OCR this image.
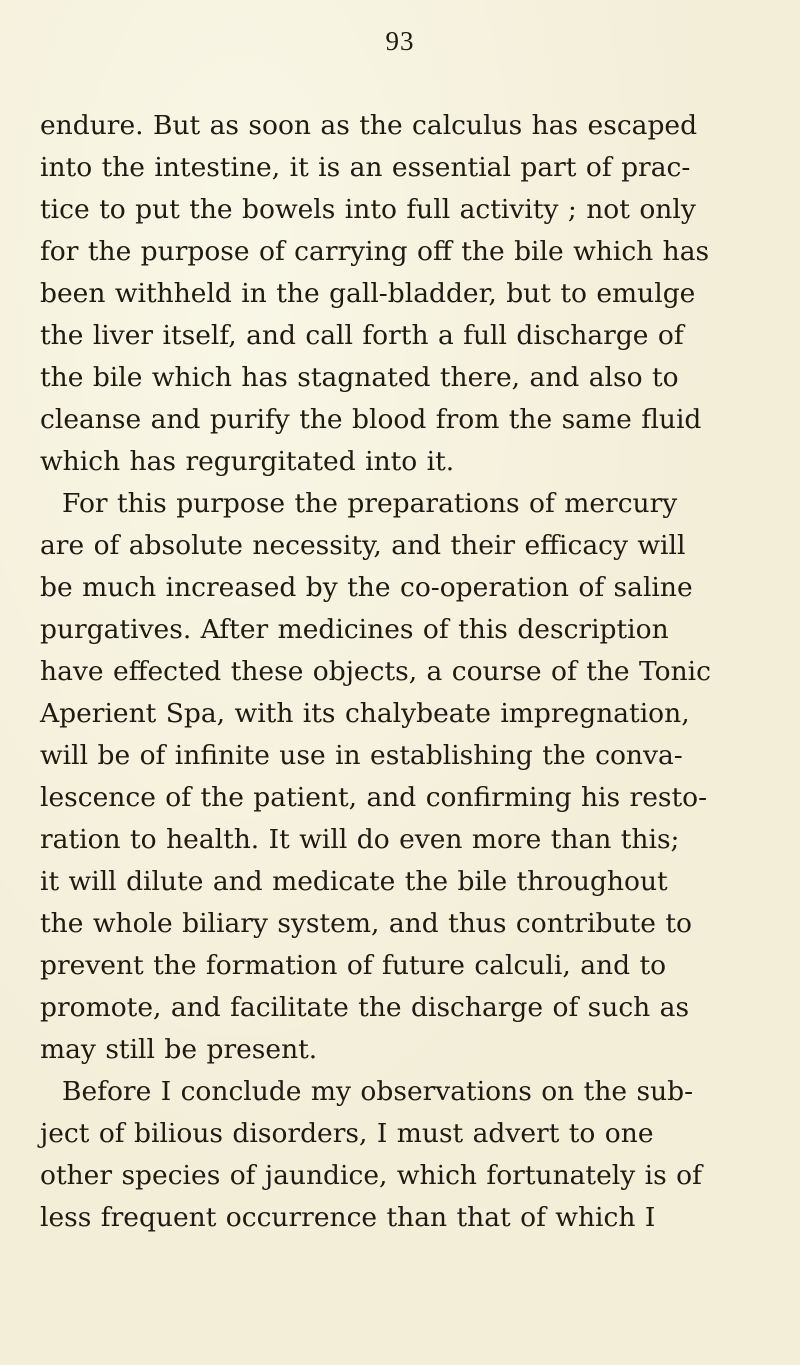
93
endure. But as soon as the calculus has escaped
into the intestine, it is an essential part of prac-
tice to put the bowels into full activity ; not only
for the purpose of carrying off the bile which has
been withheld in the gall-bladder, but to emulge
the liver itself, and call forth a full discharge of
the bile which has stagnated there, and also to
cleanse and purify the blood from the same fluid
which has regurgitated into it.
For this purpose the preparations of mercury
are of absolute necessity, and their efficacy will
be much increased by the co-operation of saline
purgatives. After medicines of this description
have effected these objects, a course of the Tonic
Aperient Spa, with its chalybeate impregnation,
will be of infinite use in establishing the conva-
lescence of the patient, and confirming his resto-
ration to health. It will do even more than this;
it will dilute and medicate the bile throughout
the whole biliary system, and thus contribute to
prevent the formation of future calculi, and to
promote, and facilitate the discharge of such as
may still be present.
Before I conclude my observations on the sub-
ject of bilious disorders, I must advert to one
other species of jaundice, which fortunately is of
less frequent occurrence than that of which I
